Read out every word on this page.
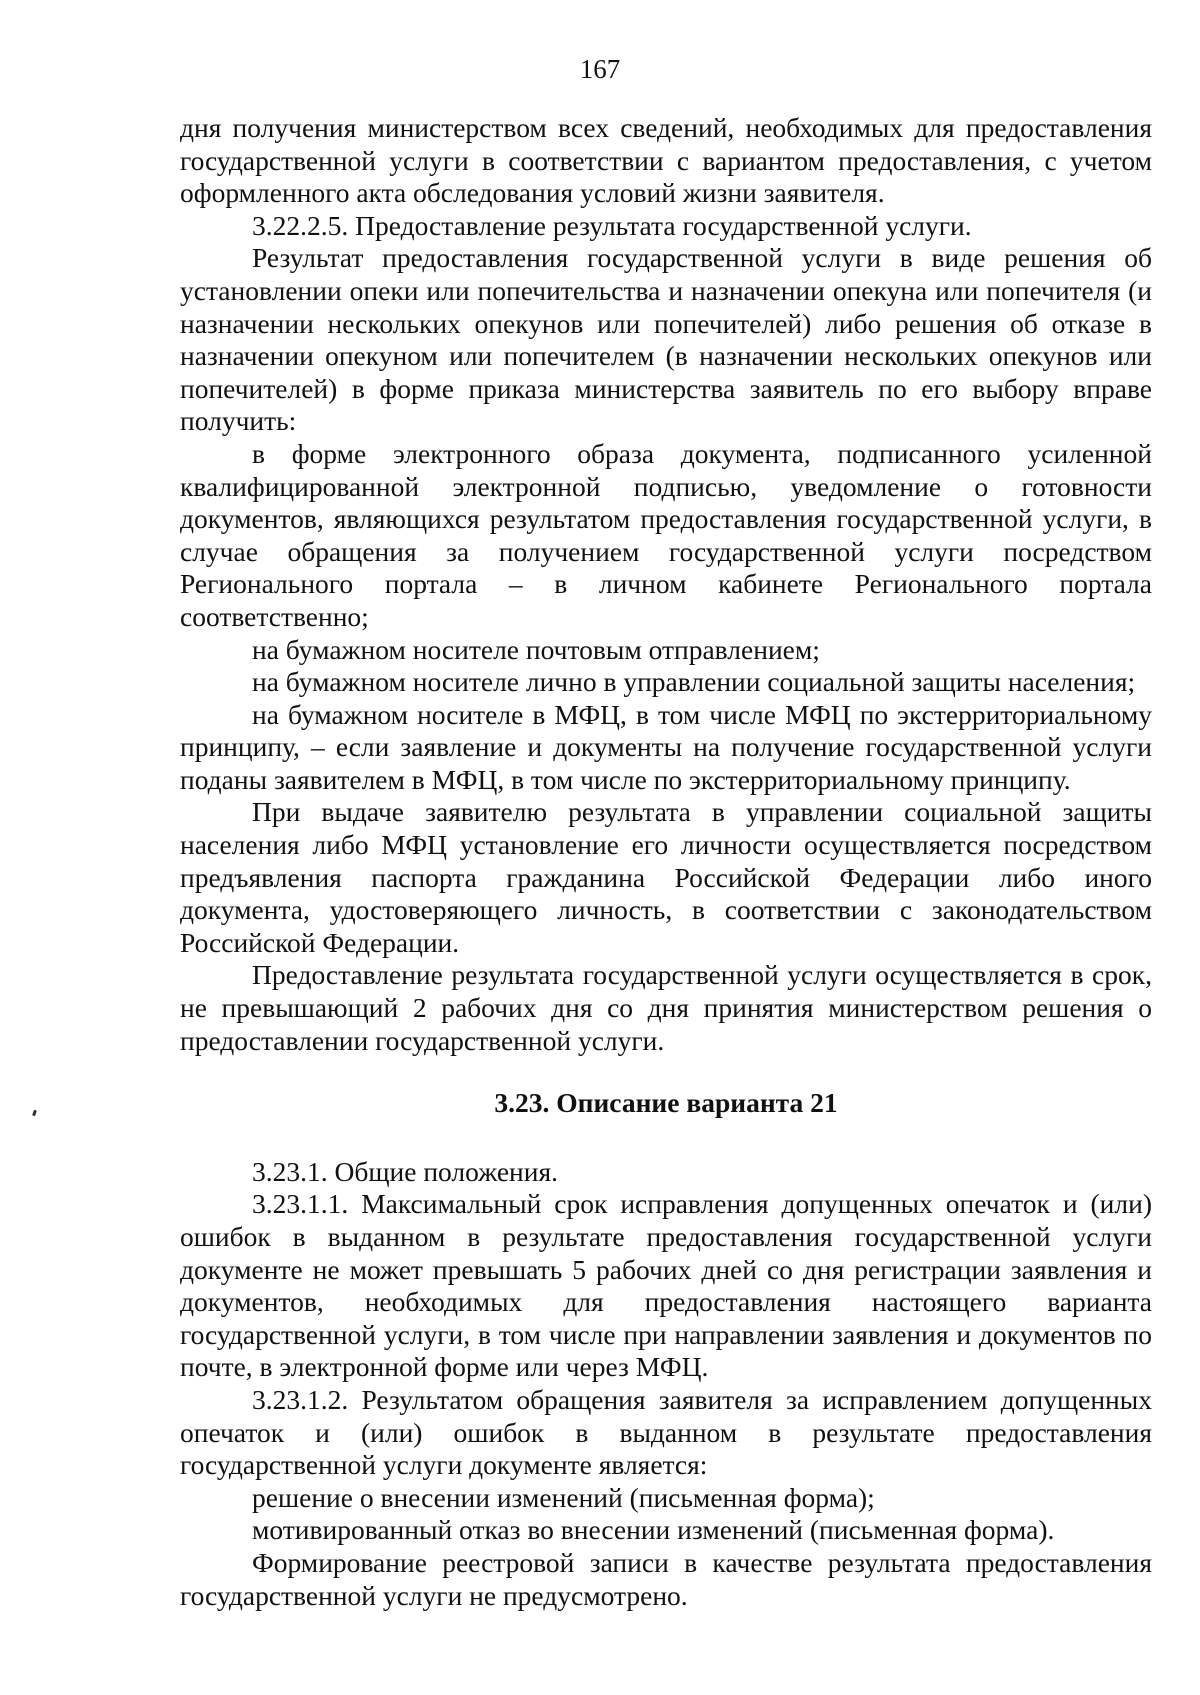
167

дня получения министерством всех сведений, необходимых для предоставления государственной услуги в соответствии с вариантом предоставления, с учетом оформленного акта обследования условий жизни заявителя.

3.22.2.5. Предоставление результата государственной услуги.

Результат предоставления государственной услуги в виде решения об установлении опеки или попечительства и назначении опекуна или попечителя (и назначении нескольких опекунов или попечителей) либо решения об отказе в назначении опекуном или попечителем (в назначении нескольких опекунов или попечителей) в форме приказа министерства заявитель по его выбору вправе получить:

в форме электронного образа документа, подписанного усиленной квалифицированной электронной подписью, уведомление о готовности документов, являющихся результатом предоставления государственной услуги, в случае обращения за получением государственной услуги посредством Регионального портала – в личном кабинете Регионального портала соответственно;

на бумажном носителе почтовым отправлением;

на бумажном носителе лично в управлении социальной защиты населения;

на бумажном носителе в МФЦ, в том числе МФЦ по экстерриториальному принципу, – если заявление и документы на получение государственной услуги поданы заявителем в МФЦ, в том числе по экстерриториальному принципу.

При выдаче заявителю результата в управлении социальной защиты населения либо МФЦ установление его личности осуществляется посредством предъявления паспорта гражданина Российской Федерации либо иного документа, удостоверяющего личность, в соответствии с законодательством Российской Федерации.

Предоставление результата государственной услуги осуществляется в срок, не превышающий 2 рабочих дня со дня принятия министерством решения о предоставлении государственной услуги.

3.23. Описание варианта 21

3.23.1. Общие положения.

3.23.1.1. Максимальный срок исправления допущенных опечаток и (или) ошибок в выданном в результате предоставления государственной услуги документе не может превышать 5 рабочих дней со дня регистрации заявления и документов, необходимых для предоставления настоящего варианта государственной услуги, в том числе при направлении заявления и документов по почте, в электронной форме или через МФЦ.

3.23.1.2. Результатом обращения заявителя за исправлением допущенных опечаток и (или) ошибок в выданном в результате предоставления государственной услуги документе является:

решение о внесении изменений (письменная форма);

мотивированный отказ во внесении изменений (письменная форма).

Формирование реестровой записи в качестве результата предоставления государственной услуги не предусмотрено.
